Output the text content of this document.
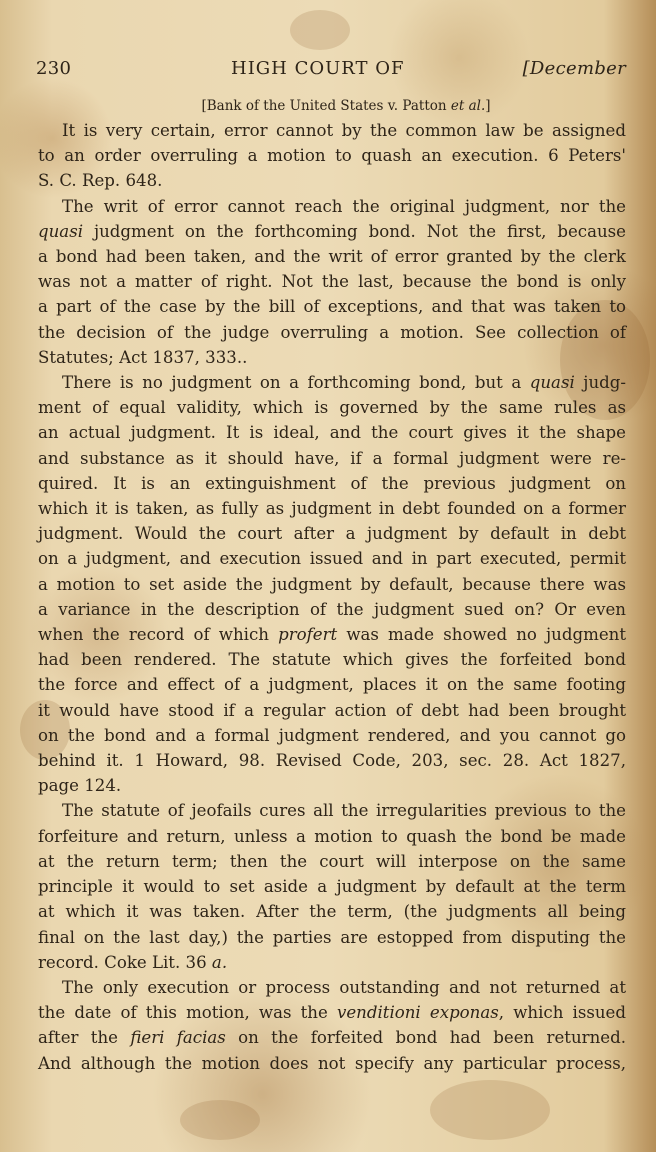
230	HIGH COURT OF	[December
[Bank of the United States v. Patton et al.]

It is very certain, error cannot by the common law be assigned
to an order overruling a motion to quash an execution. 6 Peters'
S. C. Rep. 648.

The writ of error cannot reach the original judgment, nor the
quasi judgment on the forthcoming bond. Not the first, because
a bond had been taken, and the writ of error granted by the clerk
was not a matter of right. Not the last, because the bond is only
a part of the case by the bill of exceptions, and that was taken to
the decision of the judge overruling a motion. See collection of
Statutes; Act 1837, 333..

There is no judgment on a forthcoming bond, but a quasi judg-
ment of equal validity, which is governed by the same rules as
an actual judgment. It is ideal, and the court gives it the shape
and substance as it should have, if a formal judgment were re-
quired. It is an extinguishment of the previous judgment on
which it is taken, as fully as judgment in debt founded on a former
judgment. Would the court after a judgment by default in debt
on a judgment, and execution issued and in part executed, permit
a motion to set aside the judgment by default, because there was
a variance in the description of the judgment sued on? Or even
when the record of which profert was made showed no judgment
had been rendered. The statute which gives the forfeited bond
the force and effect of a judgment, places it on the same footing
it would have stood if a regular action of debt had been brought
on the bond and a formal judgment rendered, and you cannot go
behind it. 1 Howard, 98. Revised Code, 203, sec. 28. Act 1827,
page 124.

The statute of jeofails cures all the irregularities previous to the
forfeiture and return, unless a motion to quash the bond be made
at the return term; then the court will interpose on the same
principle it would to set aside a judgment by default at the term
at which it was taken. After the term, (the judgments all being
final on the last day,) the parties are estopped from disputing the
record. Coke Lit. 36 a.

The only execution or process outstanding and not returned at
the date of this motion, was the venditioni exponas, which issued
after the fieri facias on the forfeited bond had been returned.
And although the motion does not specify any particular process,
